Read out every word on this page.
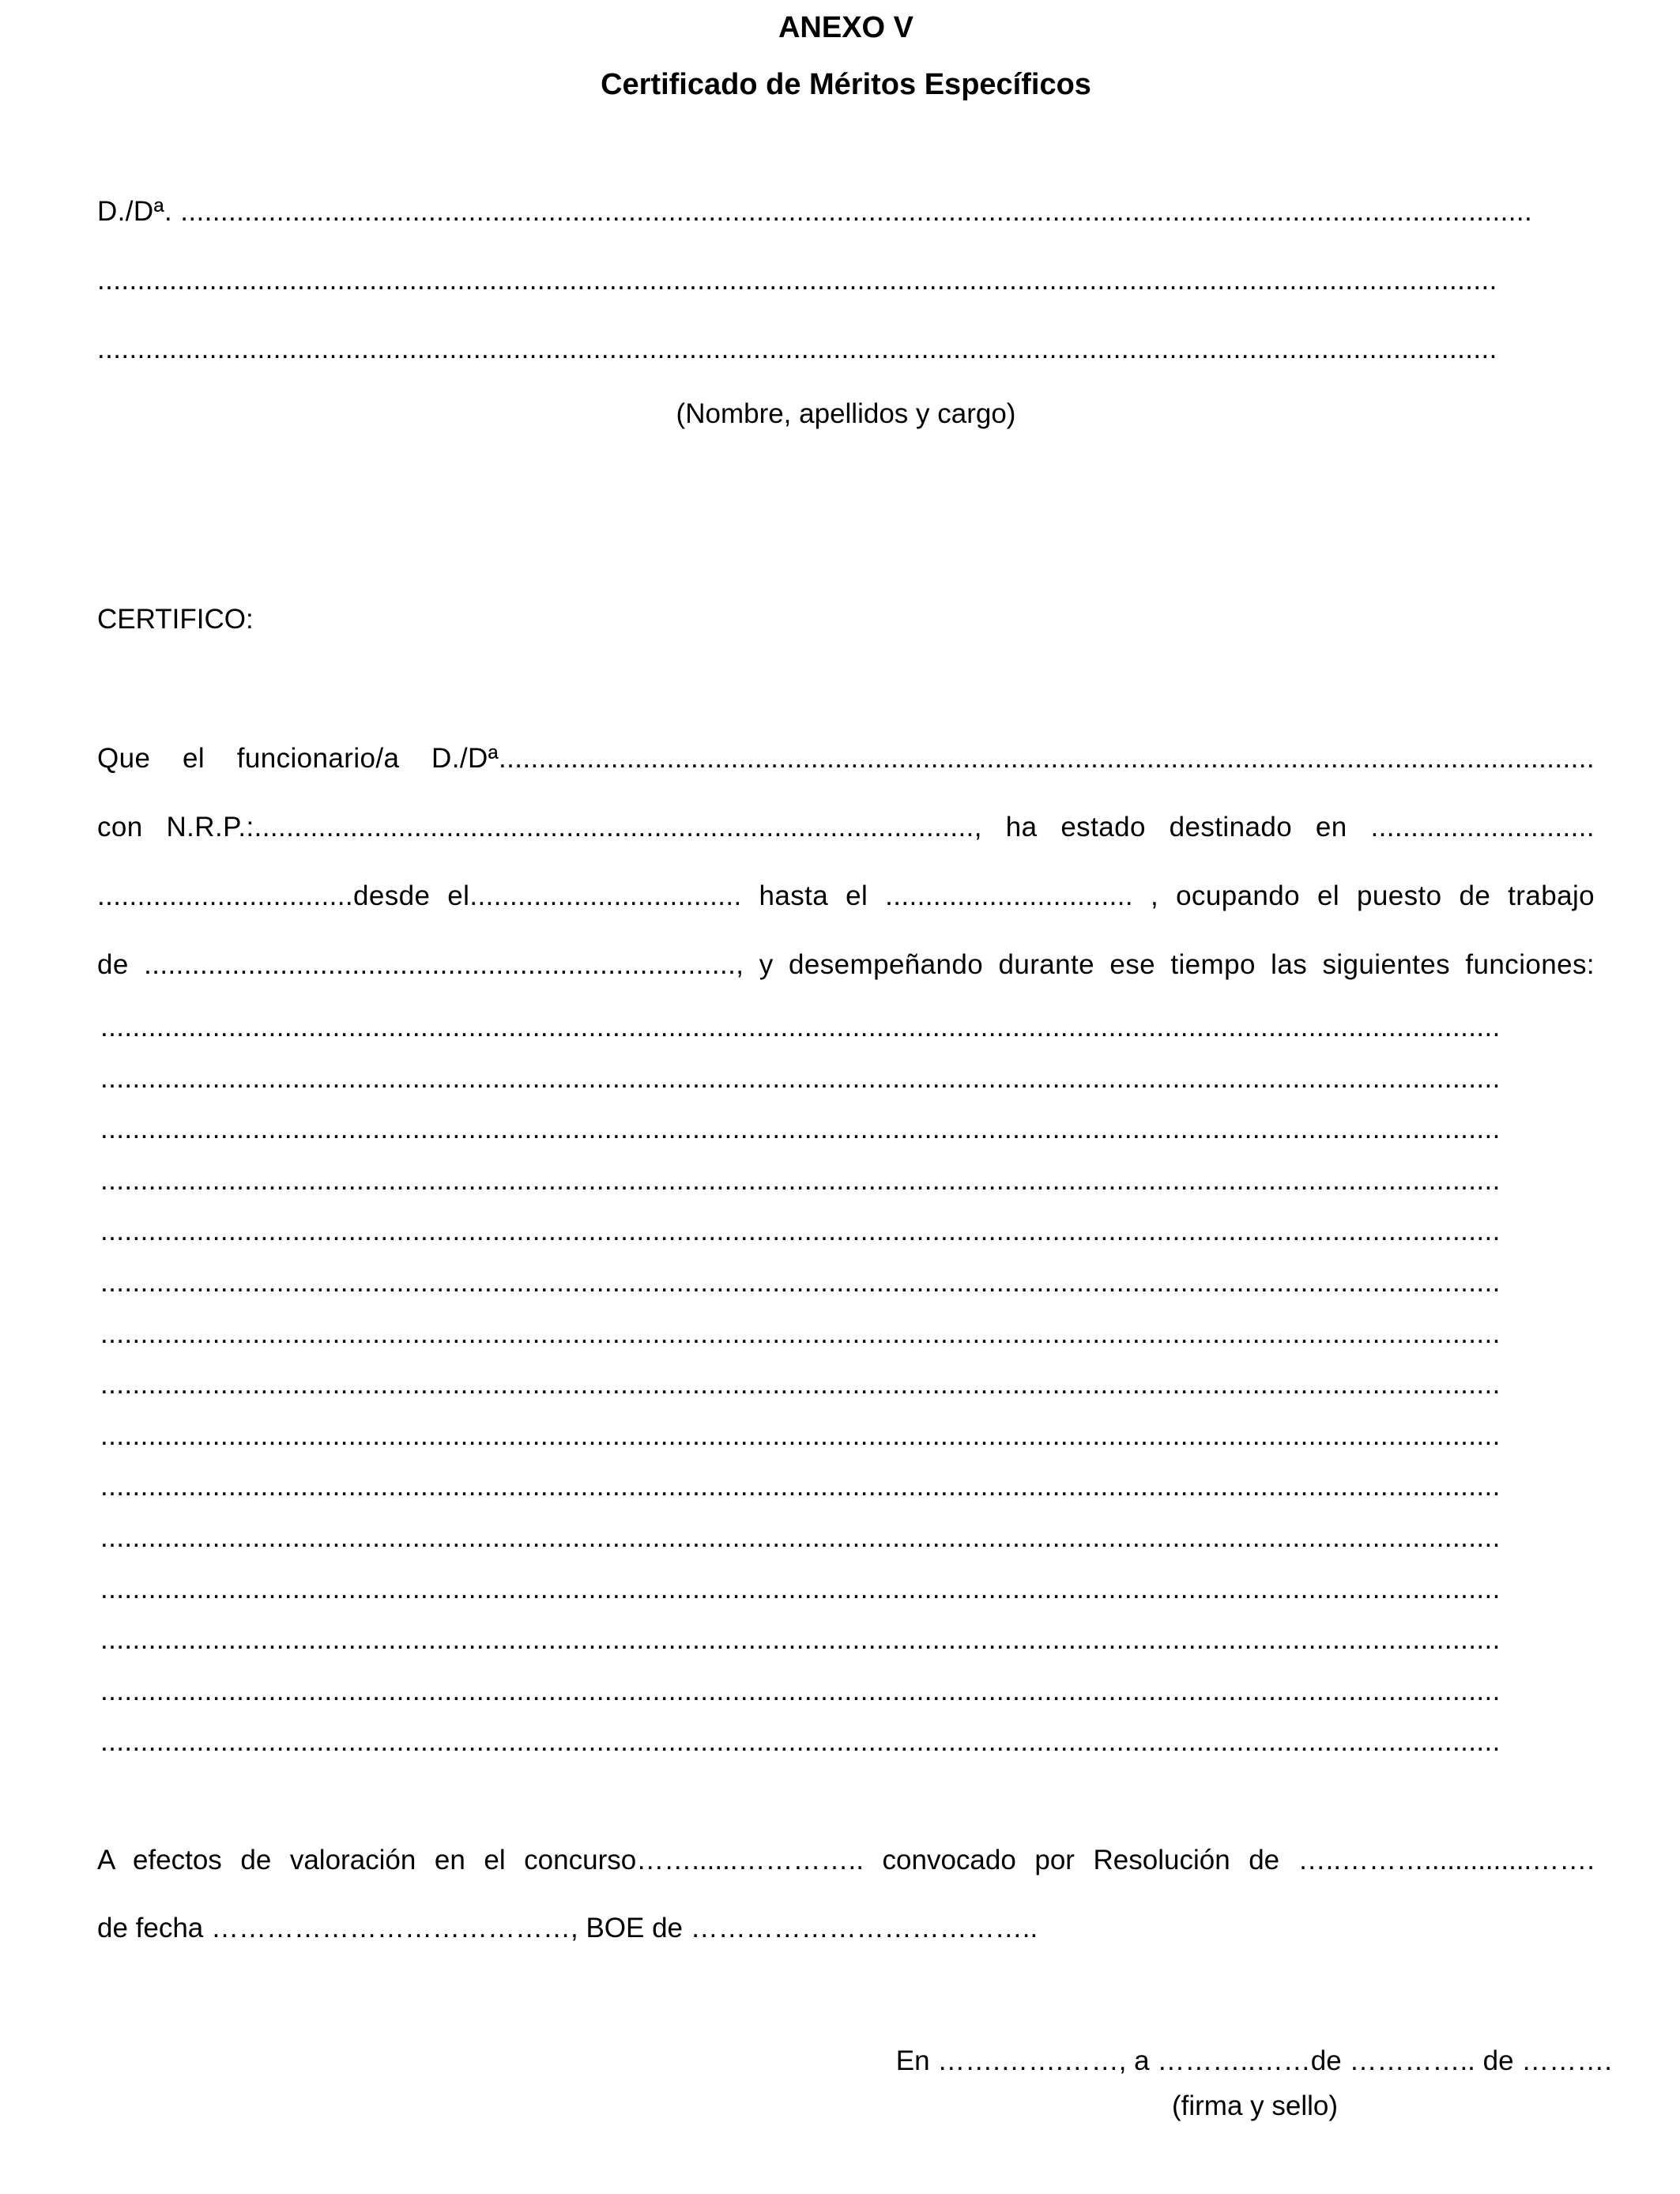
ANEXO V
Certificado de Méritos Específicos
D./Dª. .........................................................................................................................................................................
...............................................................................................................................................................................
...............................................................................................................................................................................
(Nombre, apellidos y cargo)
CERTIFICO:
Que el funcionario/a D./Dª.........................................................................................................................................
con N.R.P.:.........................................................................................., ha estado destinado en ............................
................................desde el.................................. hasta el ............................... , ocupando el puesto de trabajo
de .........................................................................., y desempeñando durante ese tiempo las siguientes funciones:
...............................................................................................................................................................................
...............................................................................................................................................................................
...............................................................................................................................................................................
...............................................................................................................................................................................
...............................................................................................................................................................................
...............................................................................................................................................................................
...............................................................................................................................................................................
...............................................................................................................................................................................
...............................................................................................................................................................................
...............................................................................................................................................................................
...............................................................................................................................................................................
...............................................................................................................................................................................
...............................................................................................................................................................................
...............................................................................................................................................................................
...............................................................................................................................................................................
A efectos de valoración en el concurso……......………….. convocado por Resolución de …..………..............…….
de fecha …………………………………, BOE de ………………………………..
En …….…….……, a ………..……de ………….. de ……….
(firma y sello)
